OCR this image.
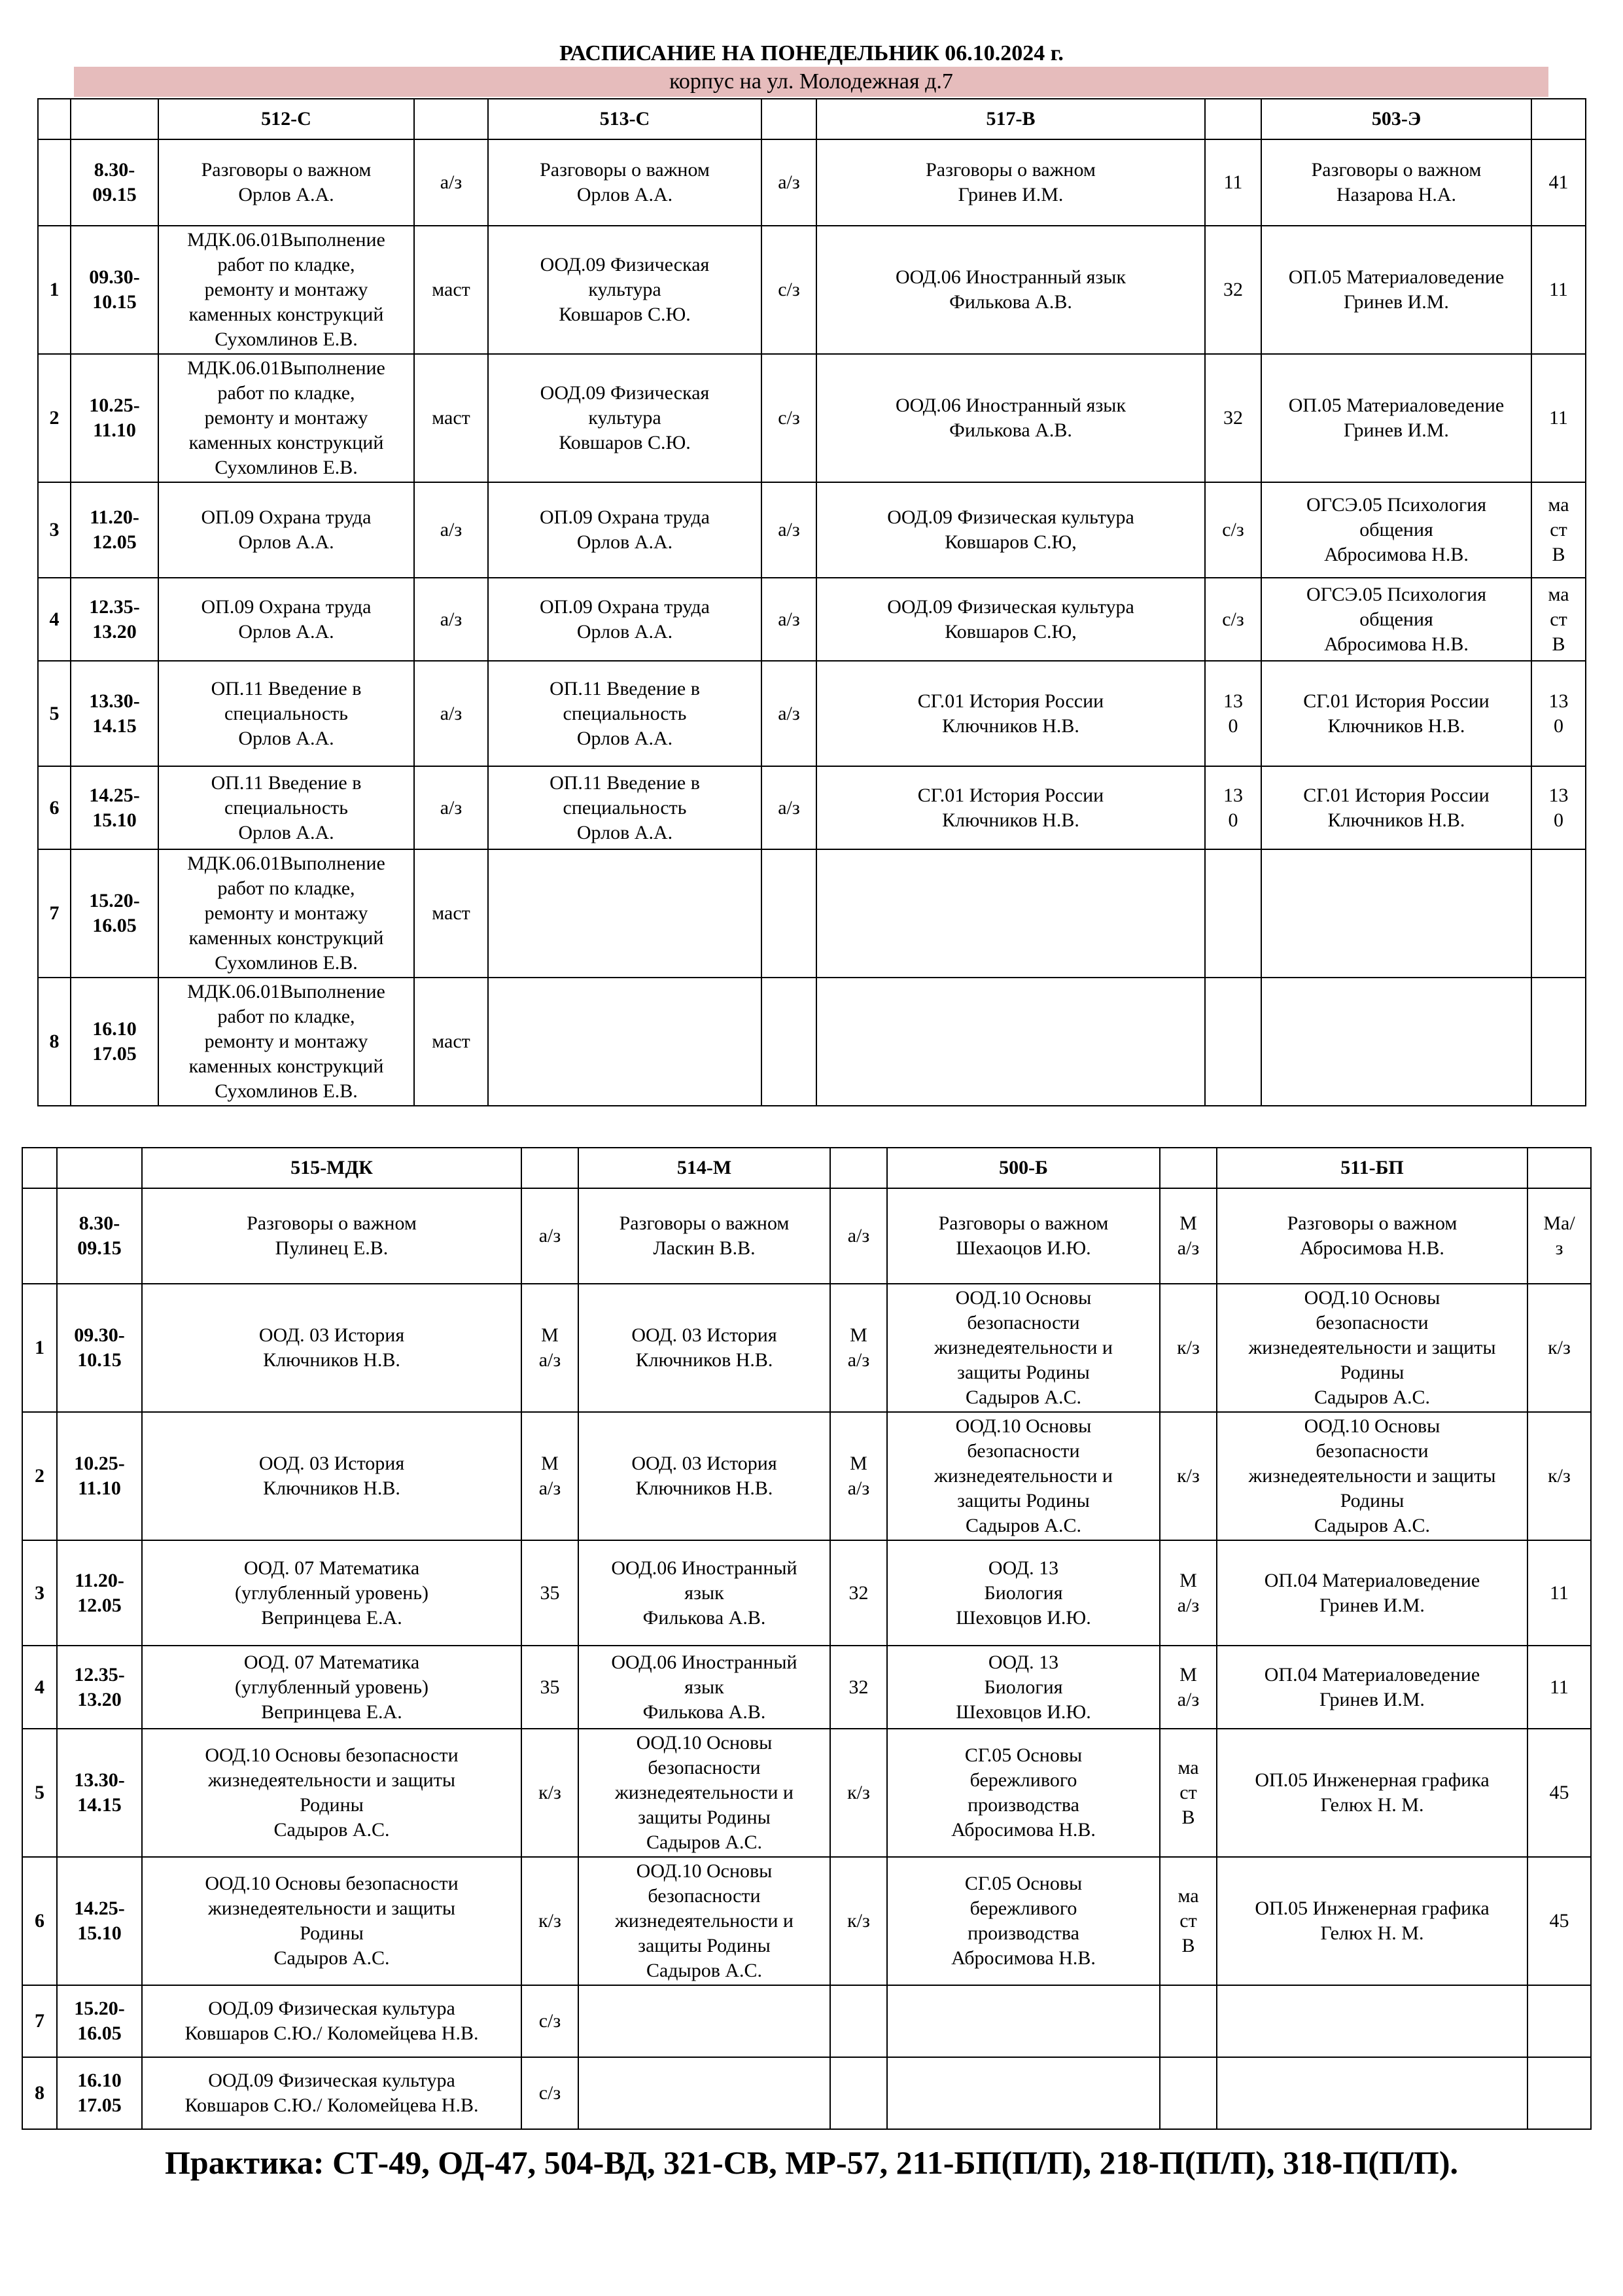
РАСПИСАНИЕ НА ПОНЕДЕЛЬНИК 06.10.2024 г.
корпус на ул. Молодежная д.7
		512-С		513-С		517-В		503-Э	

	8.30-
09.15	Разговоры о важном
Орлов А.А.	а/з	Разговоры о важном
Орлов А.А.	а/з	Разговоры о важном
Гринев И.М.	11	Разговоры о важном
Назарова Н.А.	41

1	09.30-
10.15	МДК.06.01Выполнение
работ по кладке,
ремонту и монтажу
каменных конструкций
Сухомлинов Е.В.	маст	ООД.09 Физическая
культура
Ковшаров С.Ю.	с/з	ООД.06 Иностранный язык
Филькова А.В.	32	ОП.05 Материаловедение
Гринев И.М.	11

2	10.25-
11.10	МДК.06.01Выполнение
работ по кладке,
ремонту и монтажу
каменных конструкций
Сухомлинов Е.В.	маст	ООД.09 Физическая
культура
Ковшаров С.Ю.	с/з	ООД.06 Иностранный язык
Филькова А.В.	32	ОП.05 Материаловедение
Гринев И.М.	11

3	11.20-
12.05	ОП.09 Охрана труда
Орлов А.А.	а/з	ОП.09 Охрана труда
Орлов А.А.	а/з	ООД.09 Физическая культура
Ковшаров С.Ю,	с/з	ОГСЭ.05 Психология
общения
Абросимова Н.В.	ма
ст
В

4	12.35-
13.20	ОП.09 Охрана труда
Орлов А.А.	а/з	ОП.09 Охрана труда
Орлов А.А.	а/з	ООД.09 Физическая культура
Ковшаров С.Ю,	с/з	ОГСЭ.05 Психология
общения
Абросимова Н.В.	ма
ст
В

5	13.30-
14.15	ОП.11 Введение в
специальность
Орлов А.А.	а/з	ОП.11 Введение в
специальность
Орлов А.А.	а/з	СГ.01 История России
Ключников Н.В.	13
0	СГ.01 История России
Ключников Н.В.	13
0

6	14.25-
15.10	ОП.11 Введение в
специальность
Орлов А.А.	а/з	ОП.11 Введение в
специальность
Орлов А.А.	а/з	СГ.01 История России
Ключников Н.В.	13
0	СГ.01 История России
Ключников Н.В.	13
0

7	15.20-
16.05	МДК.06.01Выполнение
работ по кладке,
ремонту и монтажу
каменных конструкций
Сухомлинов Е.В.	маст						

8	16.10
17.05	МДК.06.01Выполнение
работ по кладке,
ремонту и монтажу
каменных конструкций
Сухомлинов Е.В.	маст						

		515-МДК		514-М		500-Б		511-БП	

	8.30-
09.15	Разговоры о важном
Пулинец Е.В.	а/з	Разговоры о важном
Ласкин В.В.	а/з	Разговоры о важном
Шехаоцов И.Ю.	М
а/з	Разговоры о важном
Абросимова Н.В.	Ма/
з

1	09.30-
10.15	ООД. 03 История
Ключников Н.В.	М
а/з	ООД. 03 История
Ключников Н.В.	М
а/з	ООД.10 Основы
безопасности
жизнедеятельности и
защиты Родины
Садыров А.С.	к/з	ООД.10 Основы
безопасности
жизнедеятельности и защиты
Родины
Садыров А.С.	к/з

2	10.25-
11.10	ООД. 03 История
Ключников Н.В.	М
а/з	ООД. 03 История
Ключников Н.В.	М
а/з	ООД.10 Основы
безопасности
жизнедеятельности и
защиты Родины
Садыров А.С.	к/з	ООД.10 Основы
безопасности
жизнедеятельности и защиты
Родины
Садыров А.С.	к/з

3	11.20-
12.05	ООД. 07 Математика
(углубленный уровень)
Вепринцева Е.А.	35	ООД.06 Иностранный
язык
Филькова А.В.	32	ООД. 13
Биология
Шеховцов И.Ю.	М
а/з	ОП.04 Материаловедение
Гринев И.М.	11

4	12.35-
13.20	ООД. 07 Математика
(углубленный уровень)
Вепринцева Е.А.	35	ООД.06 Иностранный
язык
Филькова А.В.	32	ООД. 13
Биология
Шеховцов И.Ю.	М
а/з	ОП.04 Материаловедение
Гринев И.М.	11

5	13.30-
14.15	ООД.10 Основы безопасности
жизнедеятельности и защиты
Родины
Садыров А.С.	к/з	ООД.10 Основы
безопасности
жизнедеятельности и
защиты Родины
Садыров А.С.	к/з	СГ.05 Основы
бережливого
производства
Абросимова Н.В.	ма
ст
В	ОП.05 Инженерная графика
Гелюх Н. М.	45

6	14.25-
15.10	ООД.10 Основы безопасности
жизнедеятельности и защиты
Родины
Садыров А.С.	к/з	ООД.10 Основы
безопасности
жизнедеятельности и
защиты Родины
Садыров А.С.	к/з	СГ.05 Основы
бережливого
производства
Абросимова Н.В.	ма
ст
В	ОП.05 Инженерная графика
Гелюх Н. М.	45

7	15.20-
16.05	ООД.09 Физическая культура
Ковшаров С.Ю./ Коломейцева Н.В.	с/з						

8	16.10
17.05	ООД.09 Физическая культура
Ковшаров С.Ю./ Коломейцева Н.В.	с/з						

Практика: СТ-49, ОД-47, 504-ВД, 321-СВ, МР-57, 211-БП(П/П), 218-П(П/П), 318-П(П/П).
